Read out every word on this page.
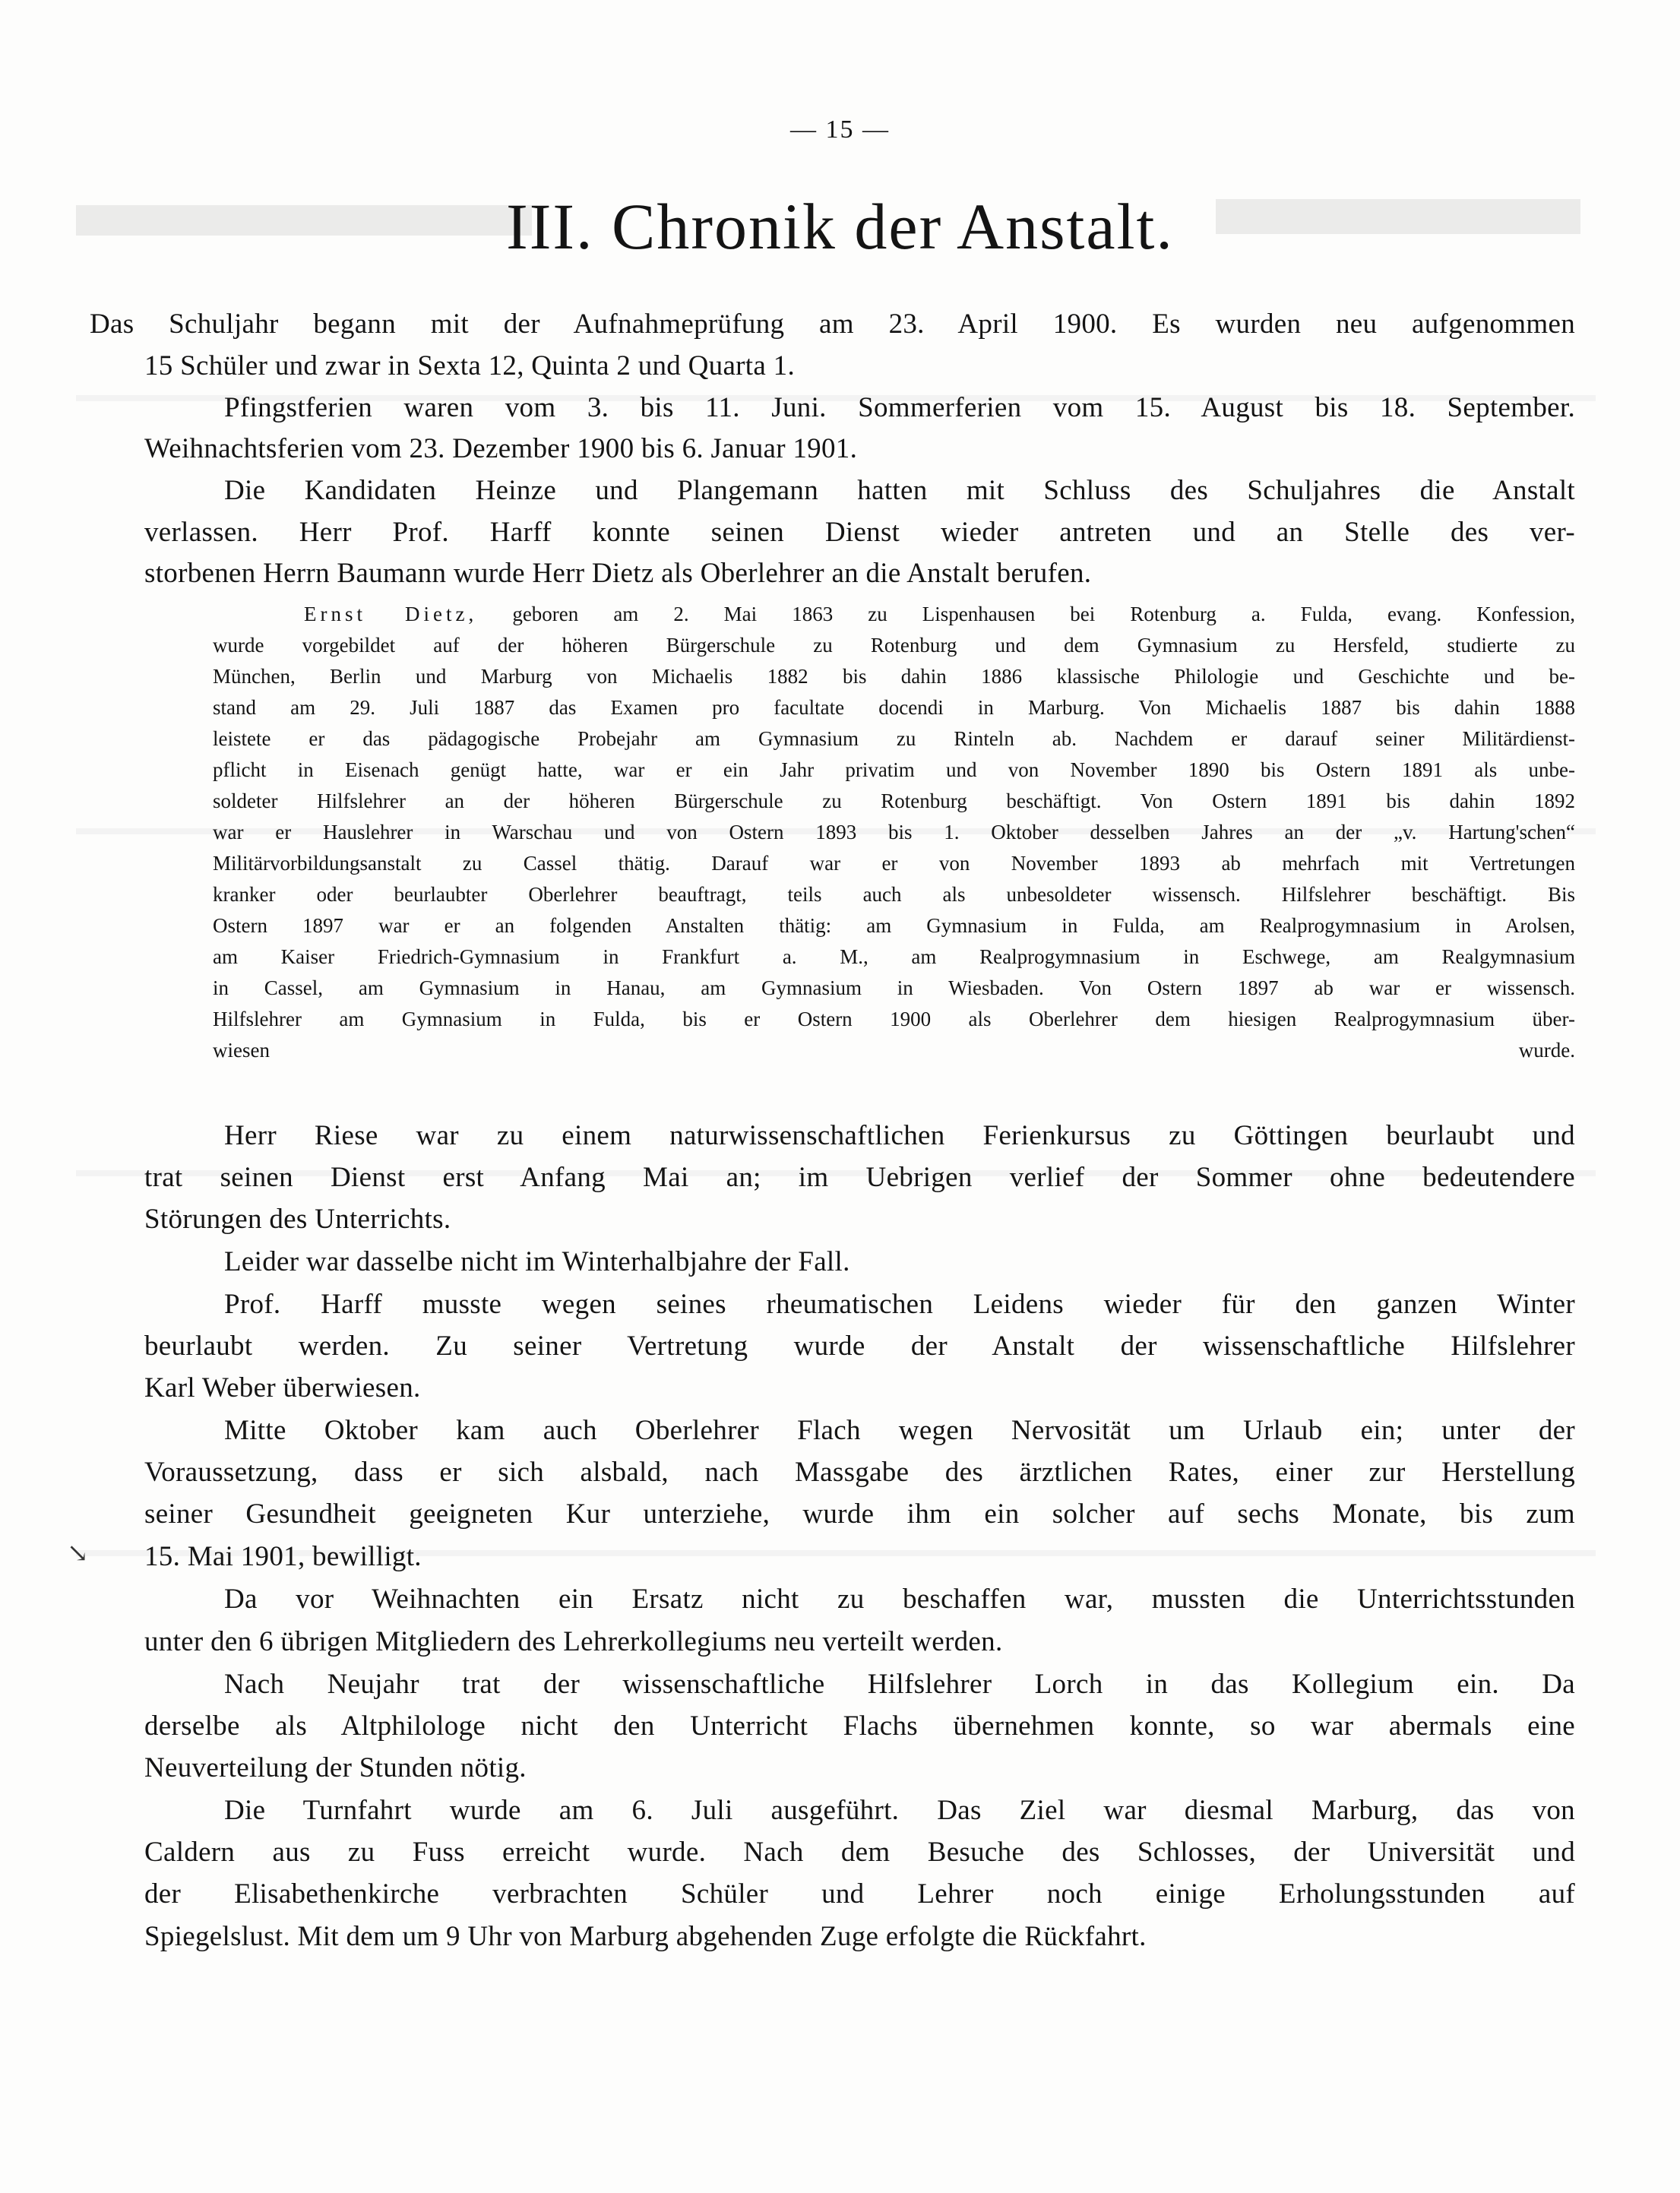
— 15 —
III. Chronik der Anstalt.
Das Schuljahr begann mit der Aufnahmeprüfung am 23. April 1900. Es wurden neu aufgenommen
15 Schüler und zwar in Sexta 12, Quinta 2 und Quarta 1.
Pfingstferien waren vom 3. bis 11. Juni. Sommerferien vom 15. August bis 18. September.
Weihnachtsferien vom 23. Dezember 1900 bis 6. Januar 1901.
Die Kandidaten Heinze und Plangemann hatten mit Schluss des Schuljahres die Anstalt
verlassen. Herr Prof. Harff konnte seinen Dienst wieder antreten und an Stelle des ver-
storbenen Herrn Baumann wurde Herr Dietz als Oberlehrer an die Anstalt berufen.
Ernst Dietz, geboren am 2. Mai 1863 zu Lispenhausen bei Rotenburg a. Fulda, evang. Konfession,
wurde vorgebildet auf der höheren Bürgerschule zu Rotenburg und dem Gymnasium zu Hersfeld, studierte zu
München, Berlin und Marburg von Michaelis 1882 bis dahin 1886 klassische Philologie und Geschichte und be-
stand am 29. Juli 1887 das Examen pro facultate docendi in Marburg. Von Michaelis 1887 bis dahin 1888
leistete er das pädagogische Probejahr am Gymnasium zu Rinteln ab. Nachdem er darauf seiner Militärdienst-
pflicht in Eisenach genügt hatte, war er ein Jahr privatim und von November 1890 bis Ostern 1891 als unbe-
soldeter Hilfslehrer an der höheren Bürgerschule zu Rotenburg beschäftigt. Von Ostern 1891 bis dahin 1892
war er Hauslehrer in Warschau und von Ostern 1893 bis 1. Oktober desselben Jahres an der „v. Hartung'schen“
Militärvorbildungsanstalt zu Cassel thätig. Darauf war er von November 1893 ab mehrfach mit Vertretungen
kranker oder beurlaubter Oberlehrer beauftragt, teils auch als unbesoldeter wissensch. Hilfslehrer beschäftigt. Bis
Ostern 1897 war er an folgenden Anstalten thätig: am Gymnasium in Fulda, am Realprogymnasium in Arolsen,
am Kaiser Friedrich-Gymnasium in Frankfurt a. M., am Realprogymnasium in Eschwege, am Realgymnasium
in Cassel, am Gymnasium in Hanau, am Gymnasium in Wiesbaden. Von Ostern 1897 ab war er wissensch.
Hilfslehrer am Gymnasium in Fulda, bis er Ostern 1900 als Oberlehrer dem hiesigen Realprogymnasium über-
wiesen wurde.
Herr Riese war zu einem naturwissenschaftlichen Ferienkursus zu Göttingen beurlaubt und
trat seinen Dienst erst Anfang Mai an; im Uebrigen verlief der Sommer ohne bedeutendere
Störungen des Unterrichts.
Leider war dasselbe nicht im Winterhalbjahre der Fall.
Prof. Harff musste wegen seines rheumatischen Leidens wieder für den ganzen Winter
beurlaubt werden. Zu seiner Vertretung wurde der Anstalt der wissenschaftliche Hilfslehrer
Karl Weber überwiesen.
Mitte Oktober kam auch Oberlehrer Flach wegen Nervosität um Urlaub ein; unter der
Voraussetzung, dass er sich alsbald, nach Massgabe des ärztlichen Rates, einer zur Herstellung
seiner Gesundheit geeigneten Kur unterziehe, wurde ihm ein solcher auf sechs Monate, bis zum
15. Mai 1901, bewilligt.
Da vor Weihnachten ein Ersatz nicht zu beschaffen war, mussten die Unterrichtsstunden
unter den 6 übrigen Mitgliedern des Lehrerkollegiums neu verteilt werden.
Nach Neujahr trat der wissenschaftliche Hilfslehrer Lorch in das Kollegium ein. Da
derselbe als Altphilologe nicht den Unterricht Flachs übernehmen konnte, so war abermals eine
Neuverteilung der Stunden nötig.
Die Turnfahrt wurde am 6. Juli ausgeführt. Das Ziel war diesmal Marburg, das von
Caldern aus zu Fuss erreicht wurde. Nach dem Besuche des Schlosses, der Universität und
der Elisabethenkirche verbrachten Schüler und Lehrer noch einige Erholungsstunden auf
Spiegelslust. Mit dem um 9 Uhr von Marburg abgehenden Zuge erfolgte die Rückfahrt.
↘
